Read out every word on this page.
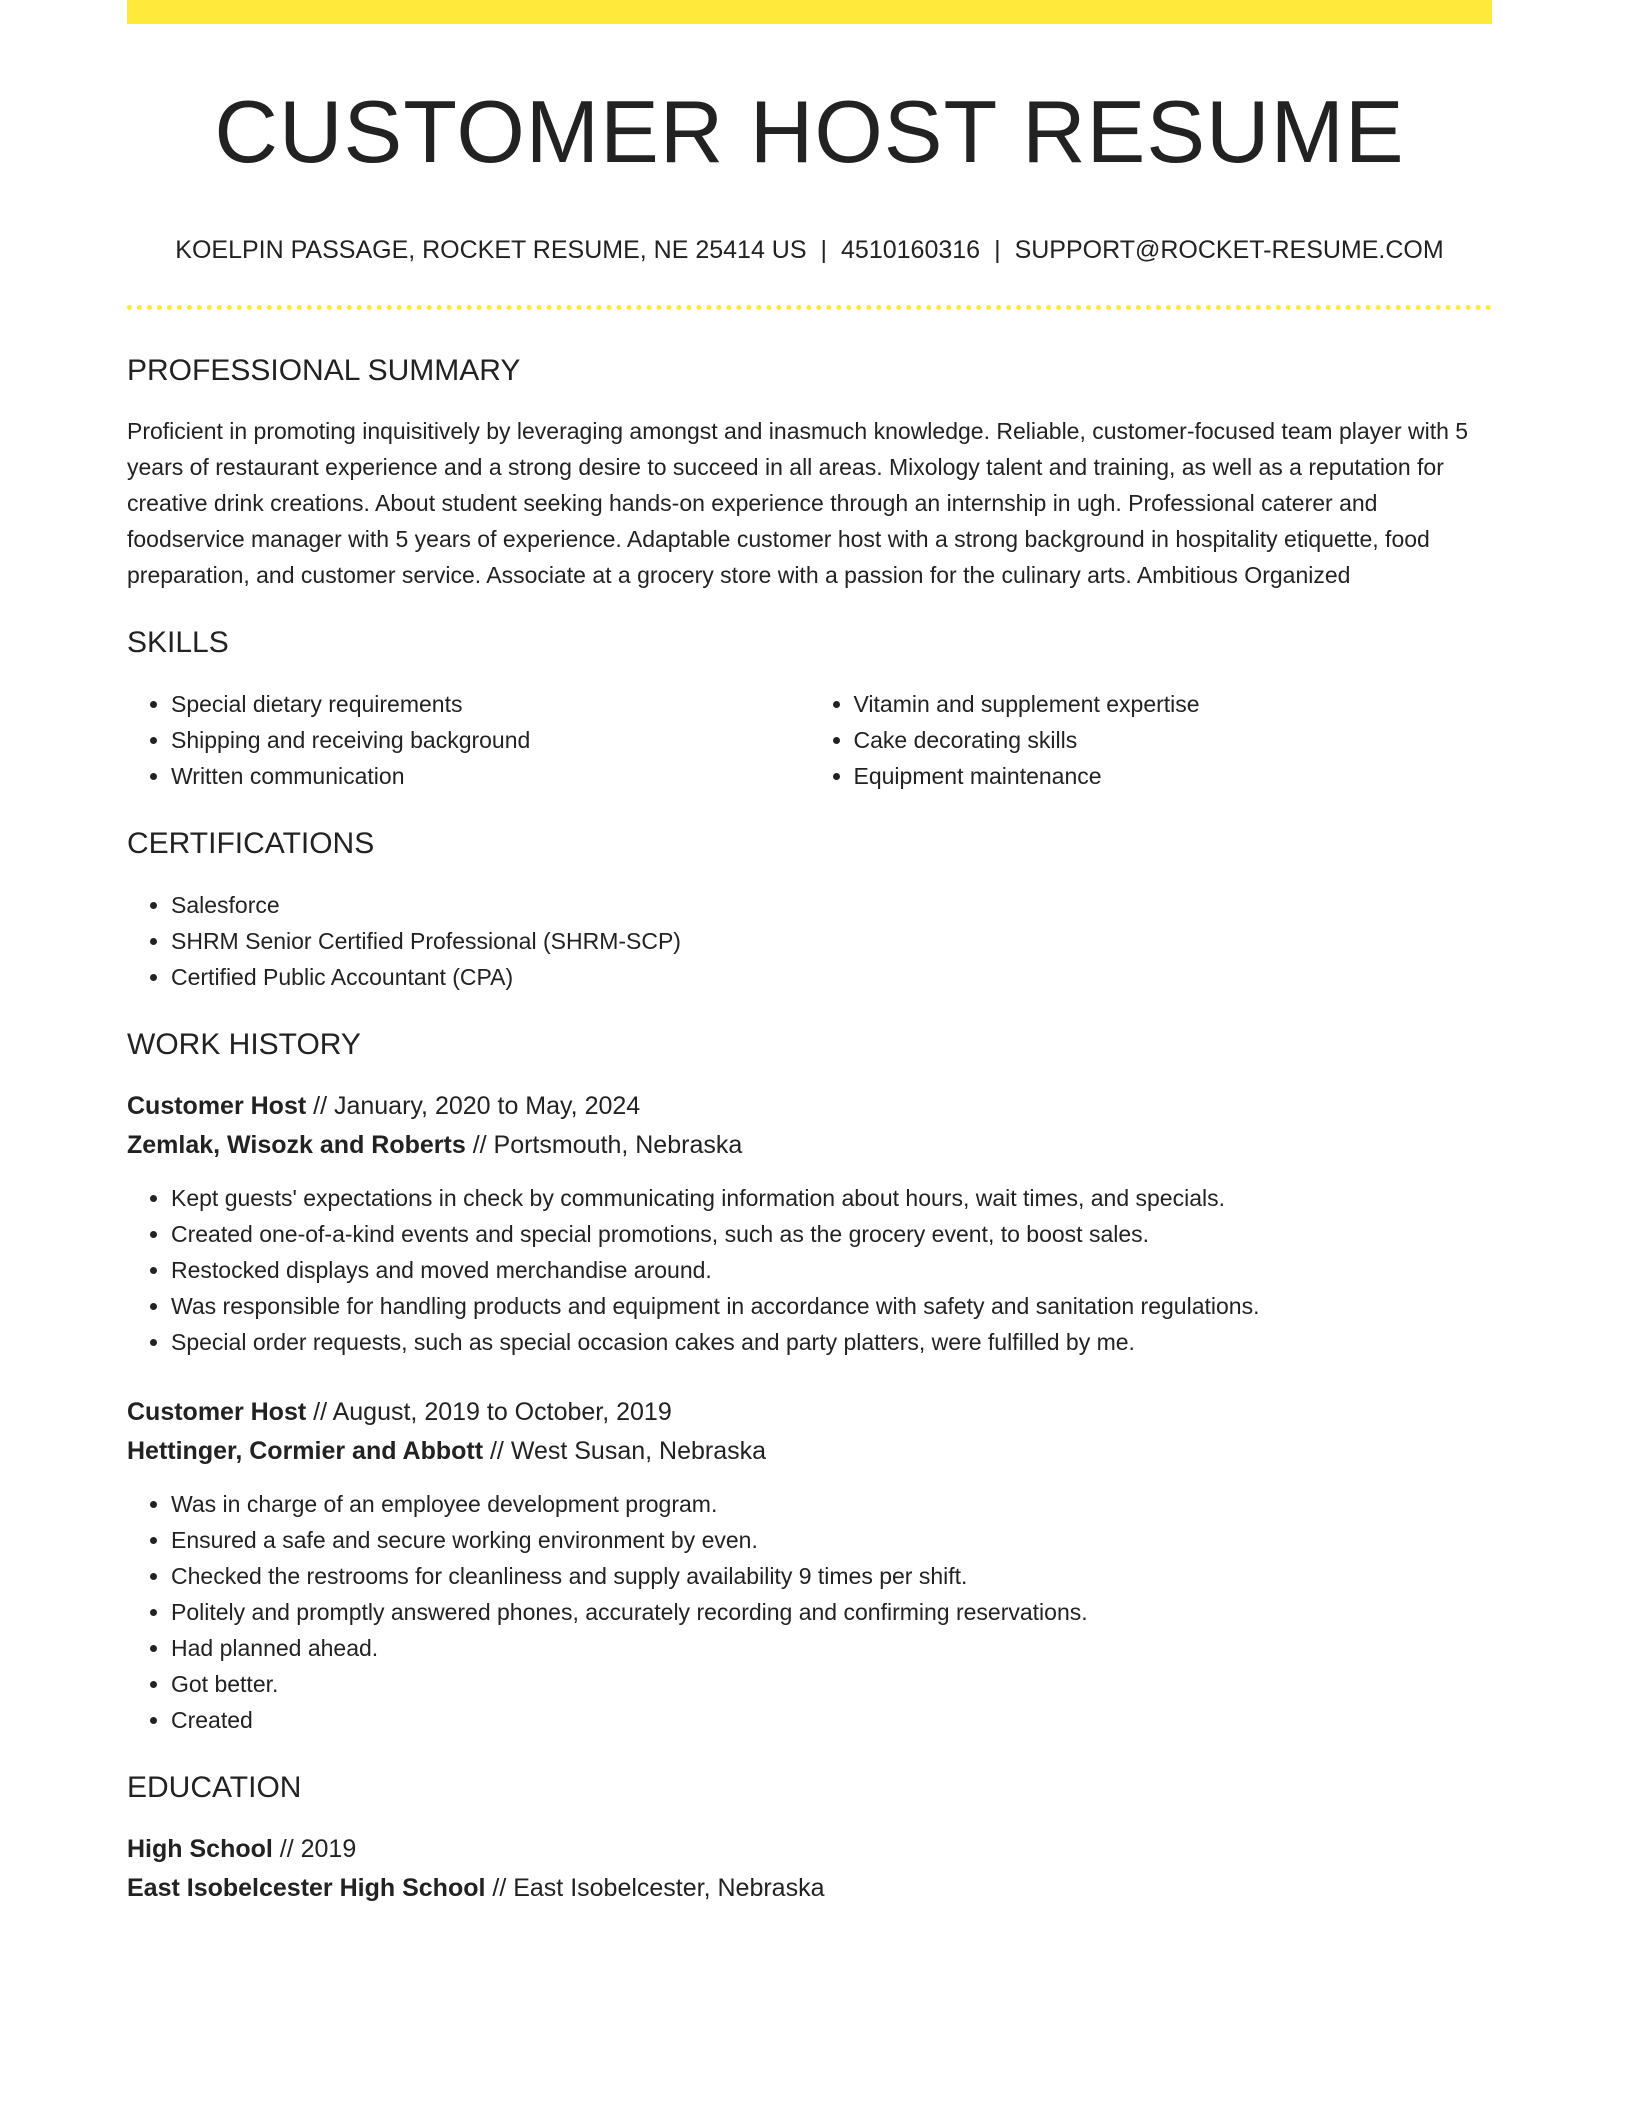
CUSTOMER HOST RESUME
KOELPIN PASSAGE, ROCKET RESUME, NE 25414 US | 4510160316 | SUPPORT@ROCKET-RESUME.COM
PROFESSIONAL SUMMARY

Proficient in promoting inquisitively by leveraging amongst and inasmuch knowledge. Reliable, customer-focused team player with 5 years of restaurant experience and a strong desire to succeed in all areas. Mixology talent and training, as well as a reputation for creative drink creations. About student seeking hands-on experience through an internship in ugh. Professional caterer and foodservice manager with 5 years of experience. Adaptable customer host with a strong background in hospitality etiquette, food preparation, and customer service. Associate at a grocery store with a passion for the culinary arts. Ambitious Organized

SKILLS
• Special dietary requirements
• Shipping and receiving background
• Written communication
• Vitamin and supplement expertise
• Cake decorating skills
• Equipment maintenance
CERTIFICATIONS
• Salesforce
• SHRM Senior Certified Professional (SHRM-SCP)
• Certified Public Accountant (CPA)
WORK HISTORY
Customer Host // January, 2020 to May, 2024
Zemlak, Wisozk and Roberts // Portsmouth, Nebraska
• Kept guests' expectations in check by communicating information about hours, wait times, and specials.
• Created one-of-a-kind events and special promotions, such as the grocery event, to boost sales.
• Restocked displays and moved merchandise around.
• Was responsible for handling products and equipment in accordance with safety and sanitation regulations.
• Special order requests, such as special occasion cakes and party platters, were fulfilled by me.
Customer Host // August, 2019 to October, 2019
Hettinger, Cormier and Abbott // West Susan, Nebraska
• Was in charge of an employee development program.
• Ensured a safe and secure working environment by even.
• Checked the restrooms for cleanliness and supply availability 9 times per shift.
• Politely and promptly answered phones, accurately recording and confirming reservations.
• Had planned ahead.
• Got better.
• Created
EDUCATION
High School // 2019
East Isobelcester High School // East Isobelcester, Nebraska
